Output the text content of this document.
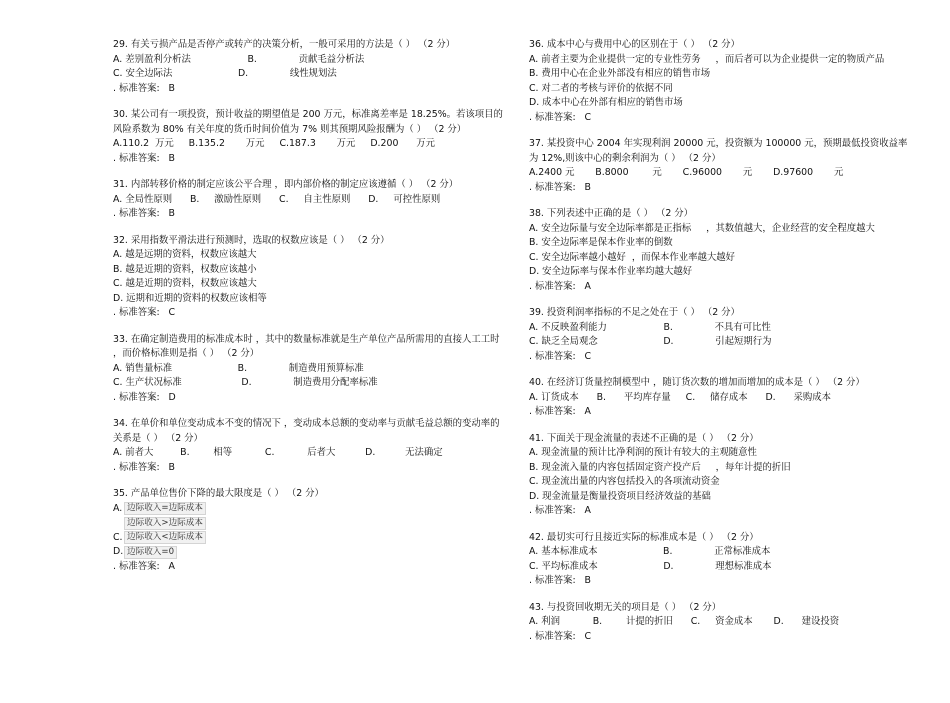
29. 有关亏损产品是否停产或转产的决策分析，一般可采用的方法是（ ） （2 分）
A. 差别盈利分析法                   B.              贡献毛益分析法
C. 安全边际法                      D.              线性规划法
. 标准答案:   B
30. 某公司有一项投资，预计收益的期望值是 200 万元，标准离差率是 18.25%。若该项目的风险系数为 80% 有关年度的货币时间价值为 7% 则其预期风险报酬为（ ） （2 分）
A.110.2  万元     B.135.2       万元     C.187.3       万元     D.200      万元
. 标准答案:   B
31. 内部转移价格的制定应该公平合理 ，即内部价格的制定应该遵循（ ） （2 分）
A. 全局性原则      B.     激励性原则      C.     自主性原则      D.     可控性原则
. 标准答案:   B
32. 采用指数平滑法进行预测时，选取的权数应该是（ ） （2 分）
A. 越是远期的资料，权数应该越大
B. 越是近期的资料，权数应该越小
C. 越是近期的资料，权数应该越大
D. 远期和近期的资料的权数应该相等
. 标准答案:   C
33. 在确定制造费用的标准成本时 ，其中的数量标准就是生产单位产品所需用的直接人工工时 ，而价格标准则是指（ ） （2 分）
A. 销售量标准                      B.              制造费用预算标准
C. 生产状况标准                    D.              制造费用分配率标准
. 标准答案:   D
34. 在单价和单位变动成本不变的情况下 ，变动成本总额的变动率与贡献毛益总额的变动率的关系是（ ） （2 分）
A. 前者大         B.        相等           C.           后者大          D.          无法确定
. 标准答案:   B
35. 产品单位售价下降的最大限度是（ ） （2 分）
A. 边际收入=边际成本
边际收入>边际成本
C. 边际收入<边际成本
D. 边际收入=0
. 标准答案:   A
36. 成本中心与费用中心的区别在于（ ） （2 分）
A. 前者主要为企业提供一定的专业性劳务     ，而后者可以为企业提供一定的物质产品
B. 费用中心在企业外部没有相应的销售市场
C. 对二者的考核与评价的依据不同
D. 成本中心在外部有相应的销售市场
. 标准答案:   C
37. 某投资中心 2004 年实现利润 20000 元，投资额为 100000 元，预期最低投资收益率为 12%,则该中心的剩余利润为（ ） （2 分）
A.2400 元       B.8000        元       C.96000       元       D.97600       元
. 标准答案:   B
38. 下列表述中正确的是（ ） （2 分）
A. 安全边际量与安全边际率都是正指标     ，其数值越大，企业经营的安全程度越大
B. 安全边际率是保本作业率的倒数
C. 安全边际率越小越好  ，而保本作业率越大越好
D. 安全边际率与保本作业率均越大越好
. 标准答案:   A
39. 投资利润率指标的不足之处在于（ ） （2 分）
A. 不反映盈利能力                   B.              不具有可比性
C. 缺乏全局观念                      D.              引起短期行为
. 标准答案:   C
40. 在经济订货量控制模型中 ，随订货次数的增加而增加的成本是（ ） （2 分）
A. 订货成本      B.      平均库存量     C.     储存成本      D.      采购成本
. 标准答案:   A
41. 下面关于现金流量的表述不正确的是（ ） （2 分）
A. 现金流量的预计比净利润的预计有较大的主观随意性
B. 现金流入量的内容包括固定资产投产后     ，每年计提的折旧
C. 现金流出量的内容包括投入的各项流动资金
D. 现金流量是衡量投资项目经济效益的基础
. 标准答案:   A
42. 最切实可行且接近实际的标准成本是（ ） （2 分）
A. 基本标准成本                      B.              正常标准成本
C. 平均标准成本                      D.              理想标准成本
. 标准答案:   B
43. 与投资回收期无关的项目是（ ） （2 分）
A. 利润           B.        计提的折旧      C.     资金成本       D.      建设投资
. 标准答案:   C
